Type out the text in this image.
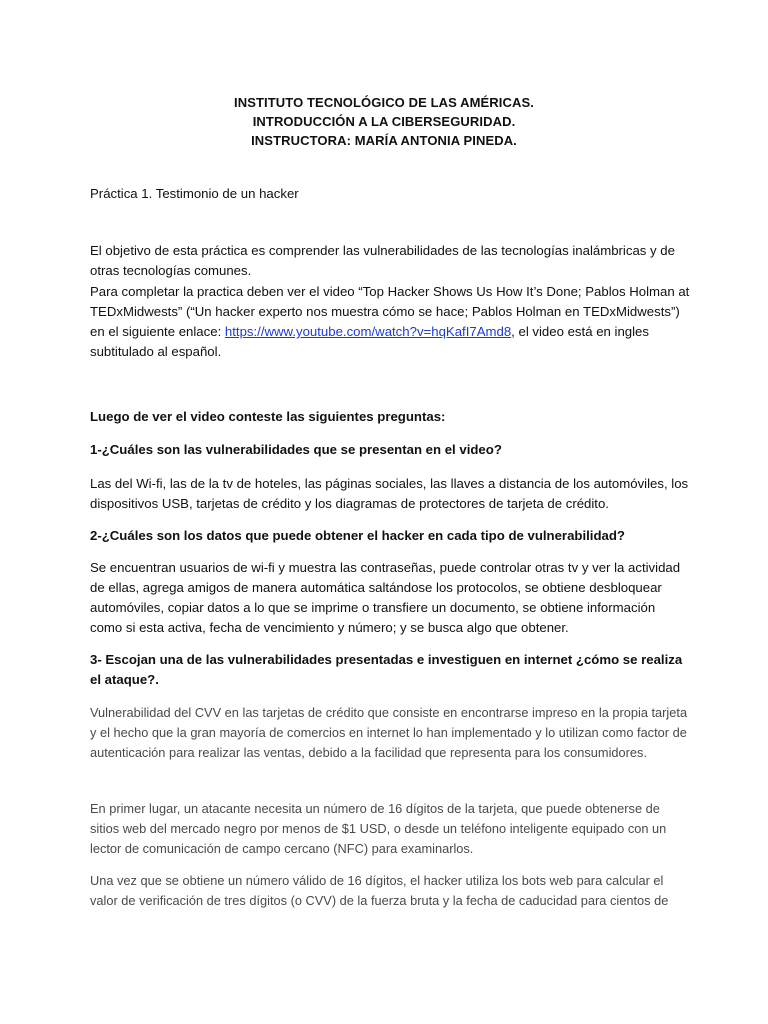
INSTITUTO TECNOLÓGICO DE LAS AMÉRICAS.
INTRODUCCIÓN A LA CIBERSEGURIDAD.
INSTRUCTORA: MARÍA ANTONIA PINEDA.

Práctica 1. Testimonio de un hacker

El objetivo de esta práctica es comprender las vulnerabilidades de las tecnologías inalámbricas y de otras tecnologías comunes.

Para completar la practica deben ver el video “Top Hacker Shows Us How It’s Done; Pablos Holman at TEDxMidwests” (“Un hacker experto nos muestra cómo se hace; Pablos Holman en TEDxMidwests”) en el siguiente enlace: https://www.youtube.com/watch?v=hqKafI7Amd8, el video está en ingles subtitulado al español.

Luego de ver el video conteste las siguientes preguntas:

1-¿Cuáles son las vulnerabilidades que se presentan en el video?

Las del Wi-fi, las de la tv de hoteles, las páginas sociales, las llaves a distancia de los automóviles, los dispositivos USB, tarjetas de crédito y los diagramas de protectores de tarjeta de crédito.

2-¿Cuáles son los datos que puede obtener el hacker en cada tipo de vulnerabilidad?

Se encuentran usuarios de wi-fi y muestra las contraseñas, puede controlar otras tv y ver la actividad de ellas, agrega amigos de manera automática saltándose los protocolos, se obtiene desbloquear automóviles, copiar datos a lo que se imprime o transfiere un documento, se obtiene información como si esta activa, fecha de vencimiento y número; y se busca algo que obtener.

3- Escojan una de las vulnerabilidades presentadas e investiguen en internet ¿cómo se realiza el ataque?.

Vulnerabilidad del CVV en las tarjetas de crédito que consiste en encontrarse impreso en la propia tarjeta y el hecho que la gran mayoría de comercios en internet lo han implementado y lo utilizan como factor de autenticación para realizar las ventas, debido a la facilidad que representa para los consumidores.

En primer lugar, un atacante necesita un número de 16 dígitos de la tarjeta, que puede obtenerse de sitios web del mercado negro por menos de $1 USD, o desde un teléfono inteligente equipado con un lector de comunicación de campo cercano (NFC) para examinarlos.

Una vez que se obtiene un número válido de 16 dígitos, el hacker utiliza los bots web para calcular el valor de verificación de tres dígitos (o CVV) de la fuerza bruta y la fecha de caducidad para cientos de
